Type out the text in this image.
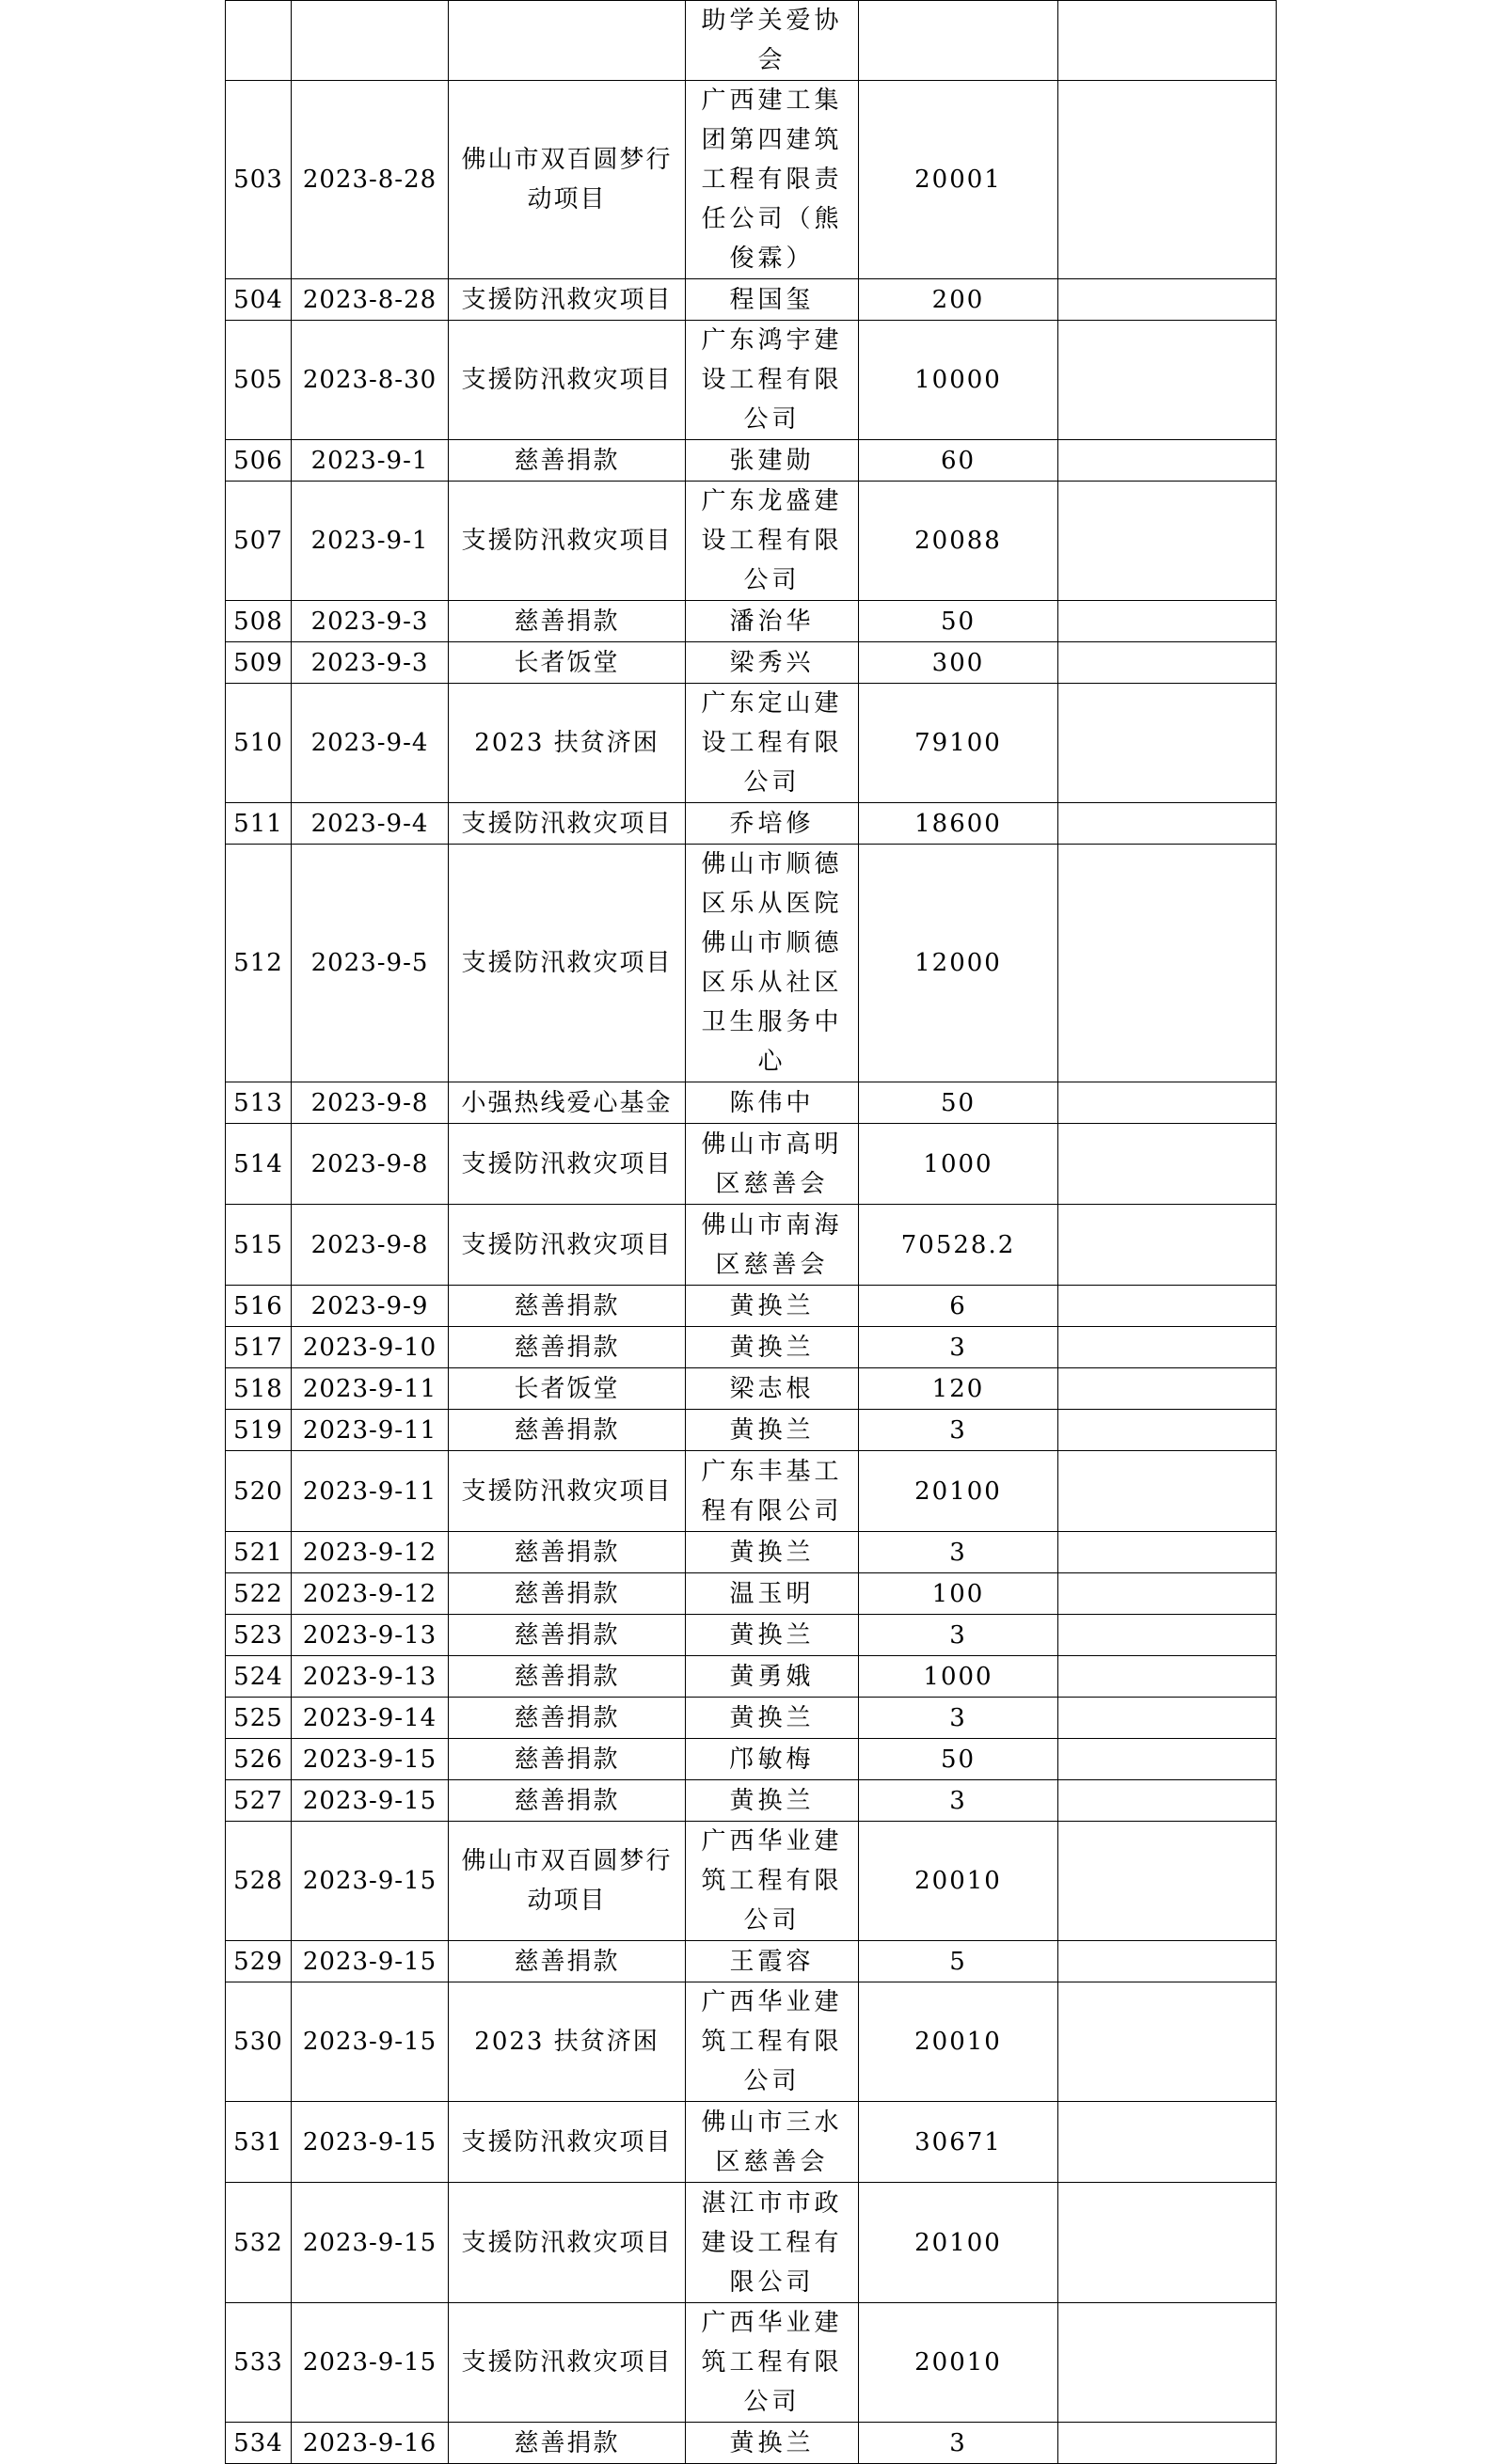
			助学关爱协会		
503	2023-8-28	佛山市双百圆梦行动项目	广西建工集团第四建筑工程有限责任公司（熊俊霖）	20001	
504	2023-8-28	支援防汛救灾项目	程国玺	200	
505	2023-8-30	支援防汛救灾项目	广东鸿宇建设工程有限公司	10000	
506	2023-9-1	慈善捐款	张建勋	60	
507	2023-9-1	支援防汛救灾项目	广东龙盛建设工程有限公司	20088	
508	2023-9-3	慈善捐款	潘治华	50	
509	2023-9-3	长者饭堂	梁秀兴	300	
510	2023-9-4	2023 扶贫济困	广东定山建设工程有限公司	79100	
511	2023-9-4	支援防汛救灾项目	乔培修	18600	
512	2023-9-5	支援防汛救灾项目	佛山市顺德区乐从医院佛山市顺德区乐从社区卫生服务中心	12000	
513	2023-9-8	小强热线爱心基金	陈伟中	50	
514	2023-9-8	支援防汛救灾项目	佛山市高明区慈善会	1000	
515	2023-9-8	支援防汛救灾项目	佛山市南海区慈善会	70528.2	
516	2023-9-9	慈善捐款	黄换兰	6	
517	2023-9-10	慈善捐款	黄换兰	3	
518	2023-9-11	长者饭堂	梁志根	120	
519	2023-9-11	慈善捐款	黄换兰	3	
520	2023-9-11	支援防汛救灾项目	广东丰基工程有限公司	20100	
521	2023-9-12	慈善捐款	黄换兰	3	
522	2023-9-12	慈善捐款	温玉明	100	
523	2023-9-13	慈善捐款	黄换兰	3	
524	2023-9-13	慈善捐款	黄勇娥	1000	
525	2023-9-14	慈善捐款	黄换兰	3	
526	2023-9-15	慈善捐款	邝敏梅	50	
527	2023-9-15	慈善捐款	黄换兰	3	
528	2023-9-15	佛山市双百圆梦行动项目	广西华业建筑工程有限公司	20010	
529	2023-9-15	慈善捐款	王霞容	5	
530	2023-9-15	2023 扶贫济困	广西华业建筑工程有限公司	20010	
531	2023-9-15	支援防汛救灾项目	佛山市三水区慈善会	30671	
532	2023-9-15	支援防汛救灾项目	湛江市市政建设工程有限公司	20100	
533	2023-9-15	支援防汛救灾项目	广西华业建筑工程有限公司	20010	
534	2023-9-16	慈善捐款	黄换兰	3	
